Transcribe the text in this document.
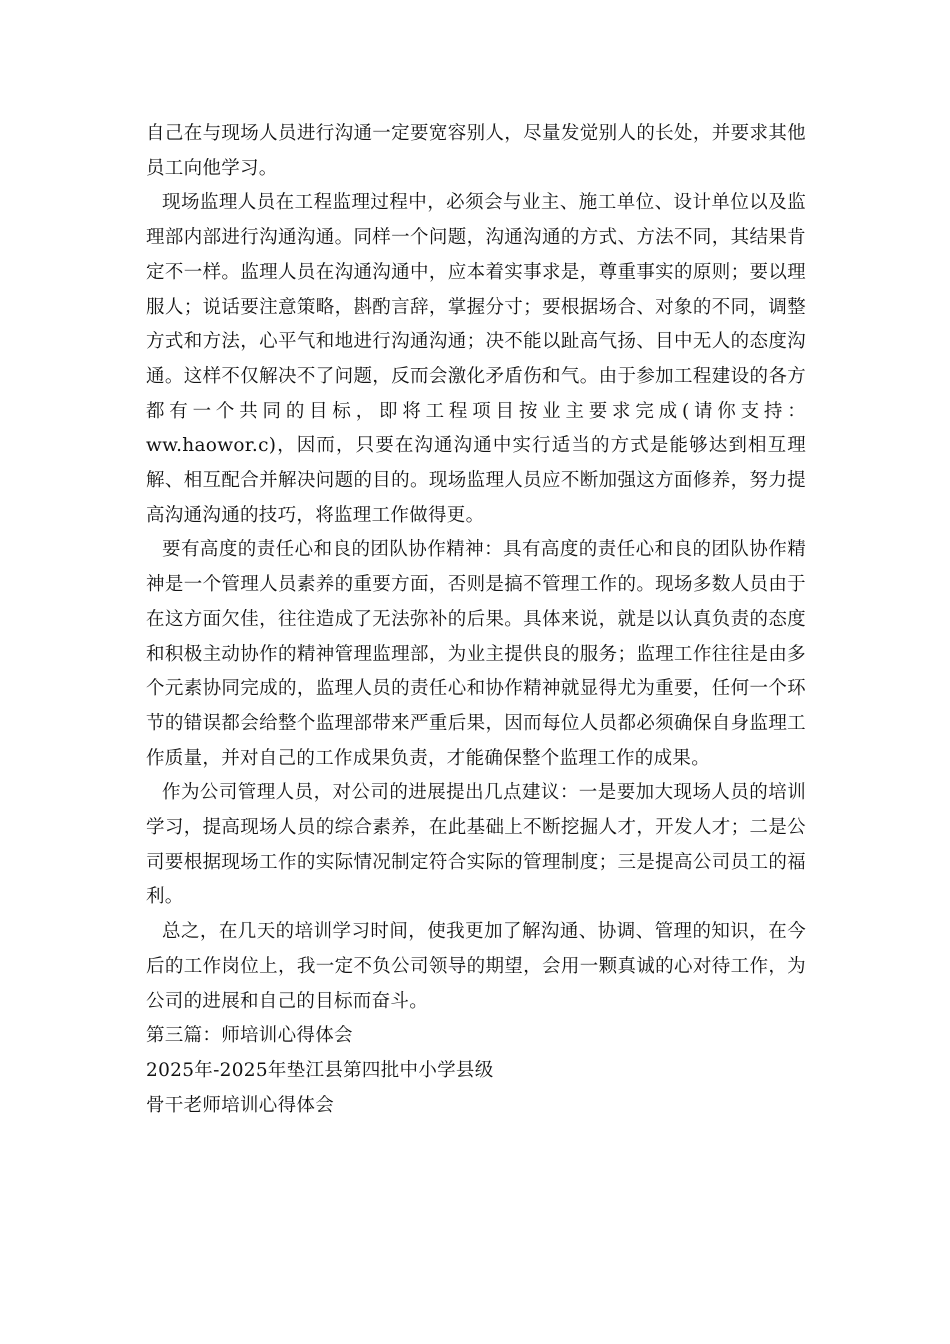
自己在与现场人员进行沟通一定要宽容别人，尽量发觉别人的长处，并要求其他员工向他学习。

现场监理人员在工程监理过程中，必须会与业主、施工单位、设计单位以及监理部内部进行沟通沟通。同样一个问题，沟通沟通的方式、方法不同，其结果肯定不一样。监理人员在沟通沟通中，应本着实事求是，尊重事实的原则；要以理服人；说话要注意策略，斟酌言辞，掌握分寸；要根据场合、对象的不同，调整方式和方法，心平气和地进行沟通沟通；决不能以趾高气扬、目中无人的态度沟通。这样不仅解决不了问题，反而会激化矛盾伤和气。由于参加工程建设的各方都有一个共同的目标，即将工程项目按业主要求完成(请你支持：ww.haowor.c)，因而，只要在沟通沟通中实行适当的方式是能够达到相互理解、相互配合并解决问题的目的。现场监理人员应不断加强这方面修养，努力提高沟通沟通的技巧，将监理工作做得更。

要有高度的责任心和良的团队协作精神：具有高度的责任心和良的团队协作精神是一个管理人员素养的重要方面，否则是搞不管理工作的。现场多数人员由于在这方面欠佳，往往造成了无法弥补的后果。具体来说，就是以认真负责的态度和积极主动协作的精神管理监理部，为业主提供良的服务；监理工作往往是由多个元素协同完成的，监理人员的责任心和协作精神就显得尤为重要，任何一个环节的错误都会给整个监理部带来严重后果，因而每位人员都必须确保自身监理工作质量，并对自己的工作成果负责，才能确保整个监理工作的成果。

作为公司管理人员，对公司的进展提出几点建议：一是要加大现场人员的培训学习，提高现场人员的综合素养，在此基础上不断挖掘人才，开发人才；二是公司要根据现场工作的实际情况制定符合实际的管理制度；三是提高公司员工的福利。

总之，在几天的培训学习时间，使我更加了解沟通、协调、管理的知识，在今后的工作岗位上，我一定不负公司领导的期望，会用一颗真诚的心对待工作，为公司的进展和自己的目标而奋斗。

第三篇：师培训心得体会

2025年-2025年垫江县第四批中小学县级

骨干老师培训心得体会
